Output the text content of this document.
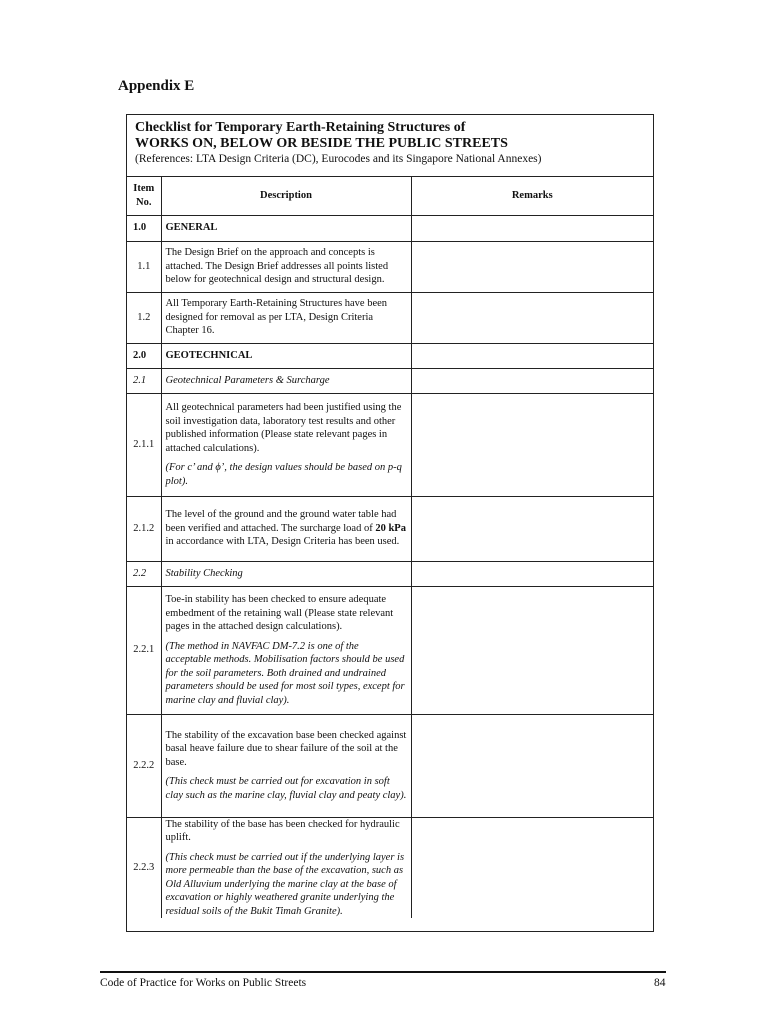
Appendix E
Checklist for Temporary Earth-Retaining Structures of
WORKS ON, BELOW OR BESIDE THE PUBLIC STREETS
(References: LTA Design Criteria (DC), Eurocodes and its Singapore National Annexes)
Item No.	Description	Remarks
1.0	GENERAL	
1.1	The Design Brief on the approach and concepts is attached. The Design Brief addresses all points listed below for geotechnical design and structural design.	
1.2	All Temporary Earth-Retaining Structures have been designed for removal as per LTA, Design Criteria Chapter 16.	
2.0	GEOTECHNICAL	
2.1	Geotechnical Parameters & Surcharge	
2.1.1	All geotechnical parameters had been justified using the soil investigation data, laboratory test results and other published information (Please state relevant pages in attached calculations).
(For c’ and ϕ’, the design values should be based on p-q plot).	

2.1.2	The level of the ground and the ground water table had been verified and attached. The surcharge load of 20 kPa in accordance with LTA, Design Criteria has been used.	
2.2	Stability Checking	
2.2.1	Toe-in stability has been checked to ensure adequate embedment of the retaining wall (Please state relevant pages in the attached design calculations).
(The method in NAVFAC DM-7.2 is one of the acceptable methods. Mobilisation factors should be used for the soil parameters. Both drained and undrained parameters should be used for most soil types, except for marine clay and fluvial clay).	

2.2.2	The stability of the excavation base been checked against basal heave failure due to shear failure of the soil at the base.
(This check must be carried out for excavation in soft clay such as the marine clay, fluvial clay and peaty clay).	

2.2.3	The stability of the base has been checked for hydraulic uplift.
(This check must be carried out if the underlying layer is more permeable than the base of the excavation, such as Old Alluvium underlying the marine clay at the base of excavation or highly weathered granite underlying the residual soils of the Bukit Timah Granite).	

Code of Practice for Works on Public Streets	84
